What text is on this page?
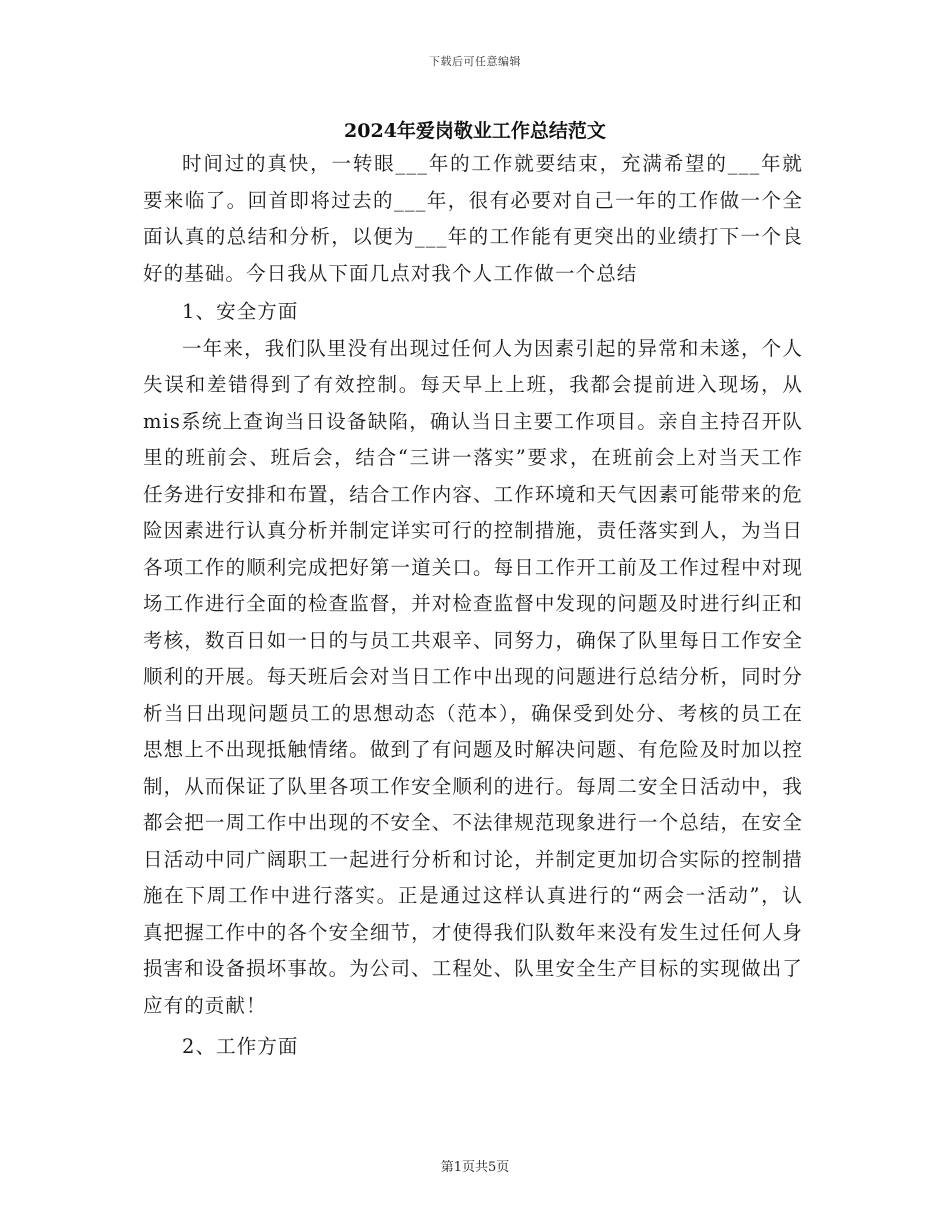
下载后可任意编辑
2024年爱岗敬业工作总结范文

时间过的真快，一转眼___年的工作就要结束，充满希望的___年就要来临了。回首即将过去的___年，很有必要对自己一年的工作做一个全面认真的总结和分析，以便为___年的工作能有更突出的业绩打下一个良好的基础。今日我从下面几点对我个人工作做一个总结

1、安全方面

一年来，我们队里没有出现过任何人为因素引起的异常和未遂，个人失误和差错得到了有效控制。每天早上上班，我都会提前进入现场，从mis系统上查询当日设备缺陷，确认当日主要工作项目。亲自主持召开队里的班前会、班后会，结合“三讲一落实”要求，在班前会上对当天工作任务进行安排和布置，结合工作内容、工作环境和天气因素可能带来的危险因素进行认真分析并制定详实可行的控制措施，责任落实到人，为当日各项工作的顺利完成把好第一道关口。每日工作开工前及工作过程中对现场工作进行全面的检查监督，并对检查监督中发现的问题及时进行纠正和考核，数百日如一日的与员工共艰辛、同努力，确保了队里每日工作安全顺利的开展。每天班后会对当日工作中出现的问题进行总结分析，同时分析当日出现问题员工的思想动态（范本），确保受到处分、考核的员工在思想上不出现抵触情绪。做到了有问题及时解决问题、有危险及时加以控制，从而保证了队里各项工作安全顺利的进行。每周二安全日活动中，我都会把一周工作中出现的不安全、不法律规范现象进行一个总结，在安全日活动中同广阔职工一起进行分析和讨论，并制定更加切合实际的控制措施在下周工作中进行落实。正是通过这样认真进行的“两会一活动”，认真把握工作中的各个安全细节，才使得我们队数年来没有发生过任何人身损害和设备损坏事故。为公司、工程处、队里安全生产目标的实现做出了应有的贡献！

2、工作方面

第1页共5页
